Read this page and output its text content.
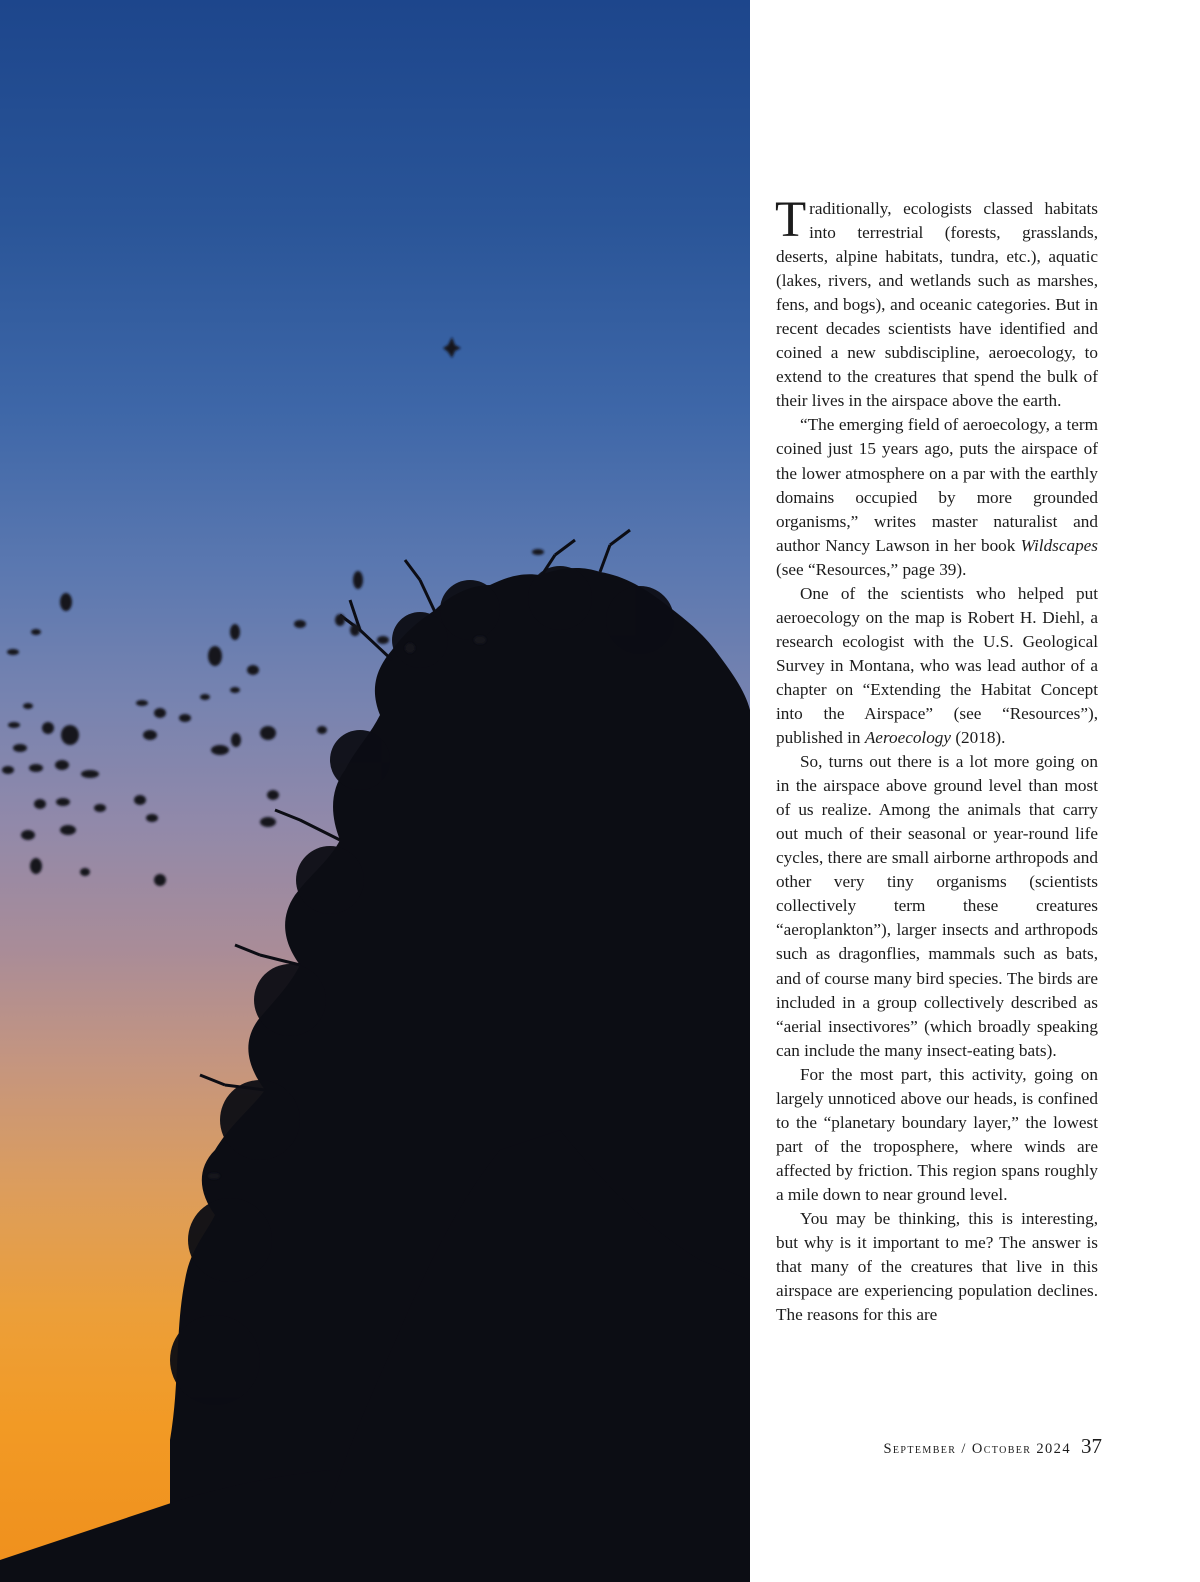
Traditionally, ecologists classed habitats into terrestrial (forests, grasslands, deserts, alpine habitats, tundra, etc.), aquatic (lakes, rivers, and wetlands such as marshes, fens, and bogs), and oceanic categories. But in recent decades scientists have identified and coined a new subdiscipline, aeroecology, to extend to the creatures that spend the bulk of their lives in the airspace above the earth.

“The emerging field of aeroecology, a term coined just 15 years ago, puts the airspace of the lower atmosphere on a par with the earthly domains occupied by more grounded organisms,” writes master naturalist and author Nancy Lawson in her book Wildscapes (see “Resources,” page 39).

One of the scientists who helped put aeroecology on the map is Robert H. Diehl, a research ecologist with the U.S. Geological Survey in Montana, who was lead author of a chapter on “Extending the Habitat Concept into the Airspace” (see “Resources”), published in Aeroecology (2018).

So, turns out there is a lot more going on in the airspace above ground level than most of us realize. Among the animals that carry out much of their seasonal or year-round life cycles, there are small airborne arthropods and other very tiny organisms (scientists collectively term these creatures “aeroplankton”), larger insects and arthropods such as dragonflies, mammals such as bats, and of course many bird species. The birds are included in a group collectively described as “aerial insectivores” (which broadly speaking can include the many insect-eating bats).

For the most part, this activity, going on largely unnoticed above our heads, is confined to the “planetary boundary layer,” the lowest part of the troposphere, where winds are affected by friction. This region spans roughly a mile down to near ground level.

You may be thinking, this is interesting, but why is it important to me? The answer is that many of the creatures that live in this airspace are experiencing population declines. The reasons for this are

September / October 2024 37
